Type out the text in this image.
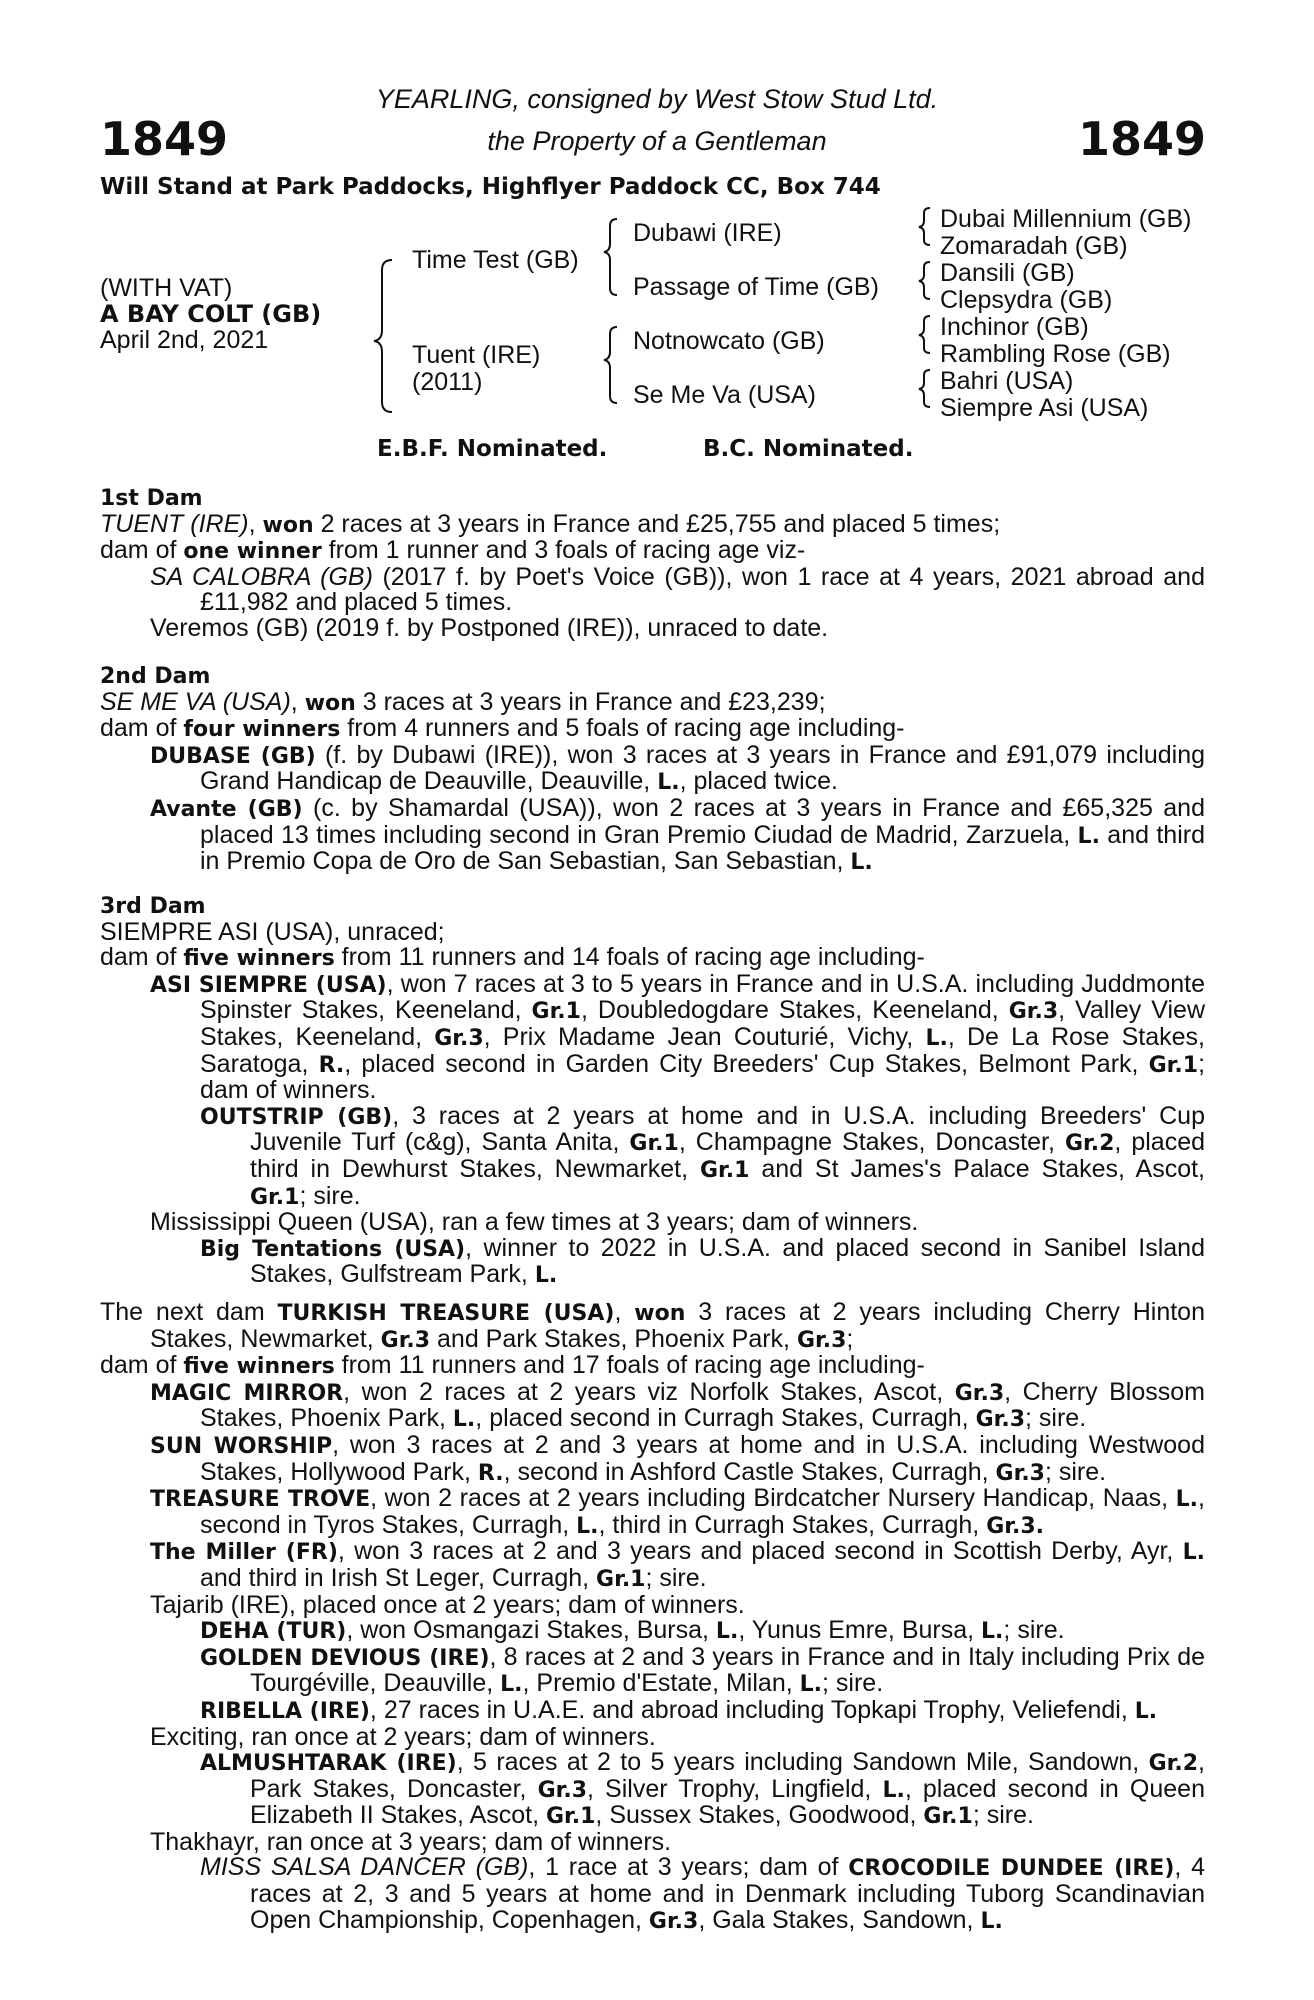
1849	1849
YEARLING, consigned by West Stow Stud Ltd.
the Property of a Gentleman
Will Stand at Park Paddocks, Highflyer Paddock CC, Box 744
(WITH VAT)
A BAY COLT (GB)
April 2nd, 2021
Time Test (GB)
Tuent (IRE)
(2011)
Dubawi (IRE)
Passage of Time (GB)
Notnowcato (GB)
Se Me Va (USA)
Dubai Millennium (GB)
Zomaradah (GB)
Dansili (GB)
Clepsydra (GB)
Inchinor (GB)
Rambling Rose (GB)
Bahri (USA)
Siempre Asi (USA)
E.B.F. Nominated.	B.C. Nominated.

1st Dam

TUENT (IRE), won 2 races at 3 years in France and £25,755 and placed 5 times;

dam of one winner from 1 runner and 3 foals of racing age viz-

SA CALOBRA (GB) (2017 f. by Poet's Voice (GB)), won 1 race at 4 years, 2021 abroad and £11,982 and placed 5 times.

Veremos (GB) (2019 f. by Postponed (IRE)), unraced to date.

2nd Dam

SE ME VA (USA), won 3 races at 3 years in France and £23,239;

dam of four winners from 4 runners and 5 foals of racing age including-

DUBASE (GB) (f. by Dubawi (IRE)), won 3 races at 3 years in France and £91,079 including Grand Handicap de Deauville, Deauville, L., placed twice.

Avante (GB) (c. by Shamardal (USA)), won 2 races at 3 years in France and £65,325 and placed 13 times including second in Gran Premio Ciudad de Madrid, Zarzuela, L. and third in Premio Copa de Oro de San Sebastian, San Sebastian, L.

3rd Dam

SIEMPRE ASI (USA), unraced;

dam of five winners from 11 runners and 14 foals of racing age including-

ASI SIEMPRE (USA), won 7 races at 3 to 5 years in France and in U.S.A. including Juddmonte Spinster Stakes, Keeneland, Gr.1, Doubledogdare Stakes, Keeneland, Gr.3, Valley View Stakes, Keeneland, Gr.3, Prix Madame Jean Couturié, Vichy, L., De La Rose Stakes, Saratoga, R., placed second in Garden City Breeders' Cup Stakes, Belmont Park, Gr.1; dam of winners.

OUTSTRIP (GB), 3 races at 2 years at home and in U.S.A. including Breeders' Cup Juvenile Turf (c&g), Santa Anita, Gr.1, Champagne Stakes, Doncaster, Gr.2, placed third in Dewhurst Stakes, Newmarket, Gr.1 and St James's Palace Stakes, Ascot, Gr.1; sire.

Mississippi Queen (USA), ran a few times at 3 years; dam of winners.

Big Tentations (USA), winner to 2022 in U.S.A. and placed second in Sanibel Island Stakes, Gulfstream Park, L.

The next dam TURKISH TREASURE (USA), won 3 races at 2 years including Cherry Hinton Stakes, Newmarket, Gr.3 and Park Stakes, Phoenix Park, Gr.3;

dam of five winners from 11 runners and 17 foals of racing age including-

MAGIC MIRROR, won 2 races at 2 years viz Norfolk Stakes, Ascot, Gr.3, Cherry Blossom Stakes, Phoenix Park, L., placed second in Curragh Stakes, Curragh, Gr.3; sire.

SUN WORSHIP, won 3 races at 2 and 3 years at home and in U.S.A. including Westwood Stakes, Hollywood Park, R., second in Ashford Castle Stakes, Curragh, Gr.3; sire.

TREASURE TROVE, won 2 races at 2 years including Birdcatcher Nursery Handicap, Naas, L., second in Tyros Stakes, Curragh, L., third in Curragh Stakes, Curragh, Gr.3.

The Miller (FR), won 3 races at 2 and 3 years and placed second in Scottish Derby, Ayr, L. and third in Irish St Leger, Curragh, Gr.1; sire.

Tajarib (IRE), placed once at 2 years; dam of winners.

DEHA (TUR), won Osmangazi Stakes, Bursa, L., Yunus Emre, Bursa, L.; sire.

GOLDEN DEVIOUS (IRE), 8 races at 2 and 3 years in France and in Italy including Prix de Tourgéville, Deauville, L., Premio d'Estate, Milan, L.; sire.

RIBELLA (IRE), 27 races in U.A.E. and abroad including Topkapi Trophy, Veliefendi, L.

Exciting, ran once at 2 years; dam of winners.

ALMUSHTARAK (IRE), 5 races at 2 to 5 years including Sandown Mile, Sandown, Gr.2, Park Stakes, Doncaster, Gr.3, Silver Trophy, Lingfield, L., placed second in Queen Elizabeth II Stakes, Ascot, Gr.1, Sussex Stakes, Goodwood, Gr.1; sire.

Thakhayr, ran once at 3 years; dam of winners.

MISS SALSA DANCER (GB), 1 race at 3 years; dam of CROCODILE DUNDEE (IRE), 4 races at 2, 3 and 5 years at home and in Denmark including Tuborg Scandinavian Open Championship, Copenhagen, Gr.3, Gala Stakes, Sandown, L.
